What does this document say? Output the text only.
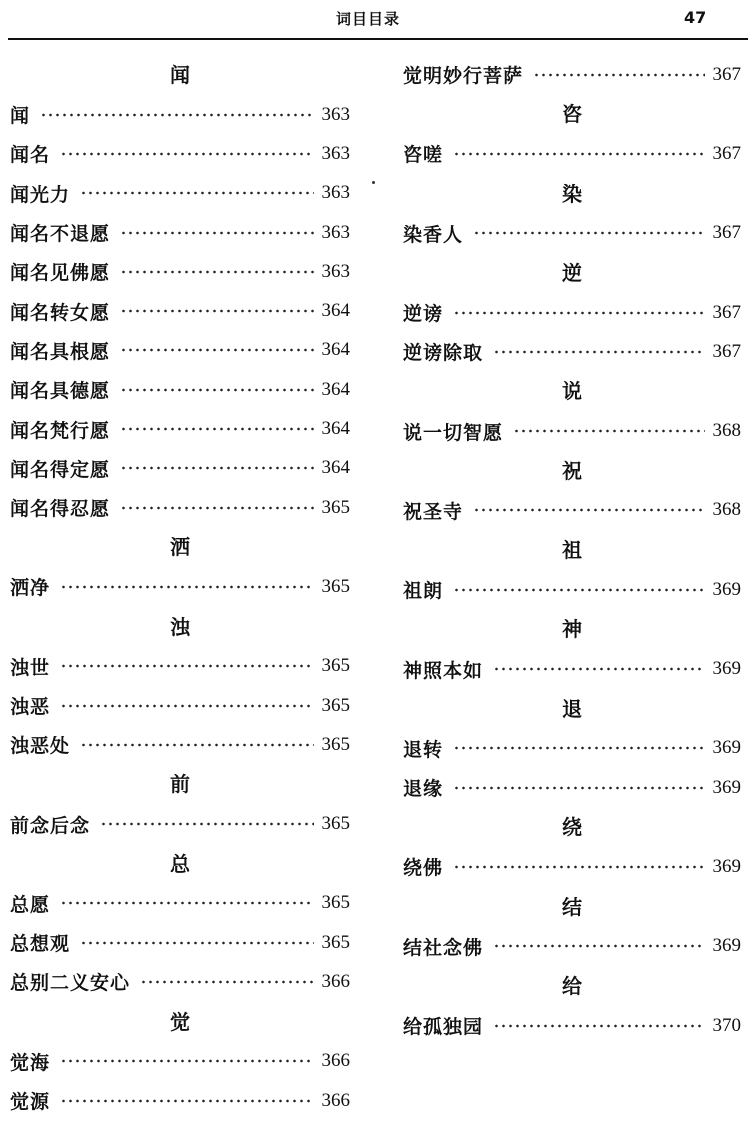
词目目录	47
闻
闻	363
闻名	363
闻光力	363
闻名不退愿	363
闻名见佛愿	363
闻名转女愿	364
闻名具根愿	364
闻名具德愿	364
闻名梵行愿	364
闻名得定愿	364
闻名得忍愿	365
洒
洒净	365
浊
浊世	365
浊恶	365
浊恶处	365
前
前念后念	365
总
总愿	365
总想观	365
总别二义安心	366
觉
觉海	366
觉源	366
觉明妙行菩萨	367
咨
咨嗟	367
染
染香人	367
逆
逆谤	367
逆谤除取	367
说
说一切智愿	368
祝
祝圣寺	368
祖
祖朗	369
神
神照本如	369
退
退转	369
退缘	369
绕
绕佛	369
结
结社念佛	369
给
给孤独园	370
